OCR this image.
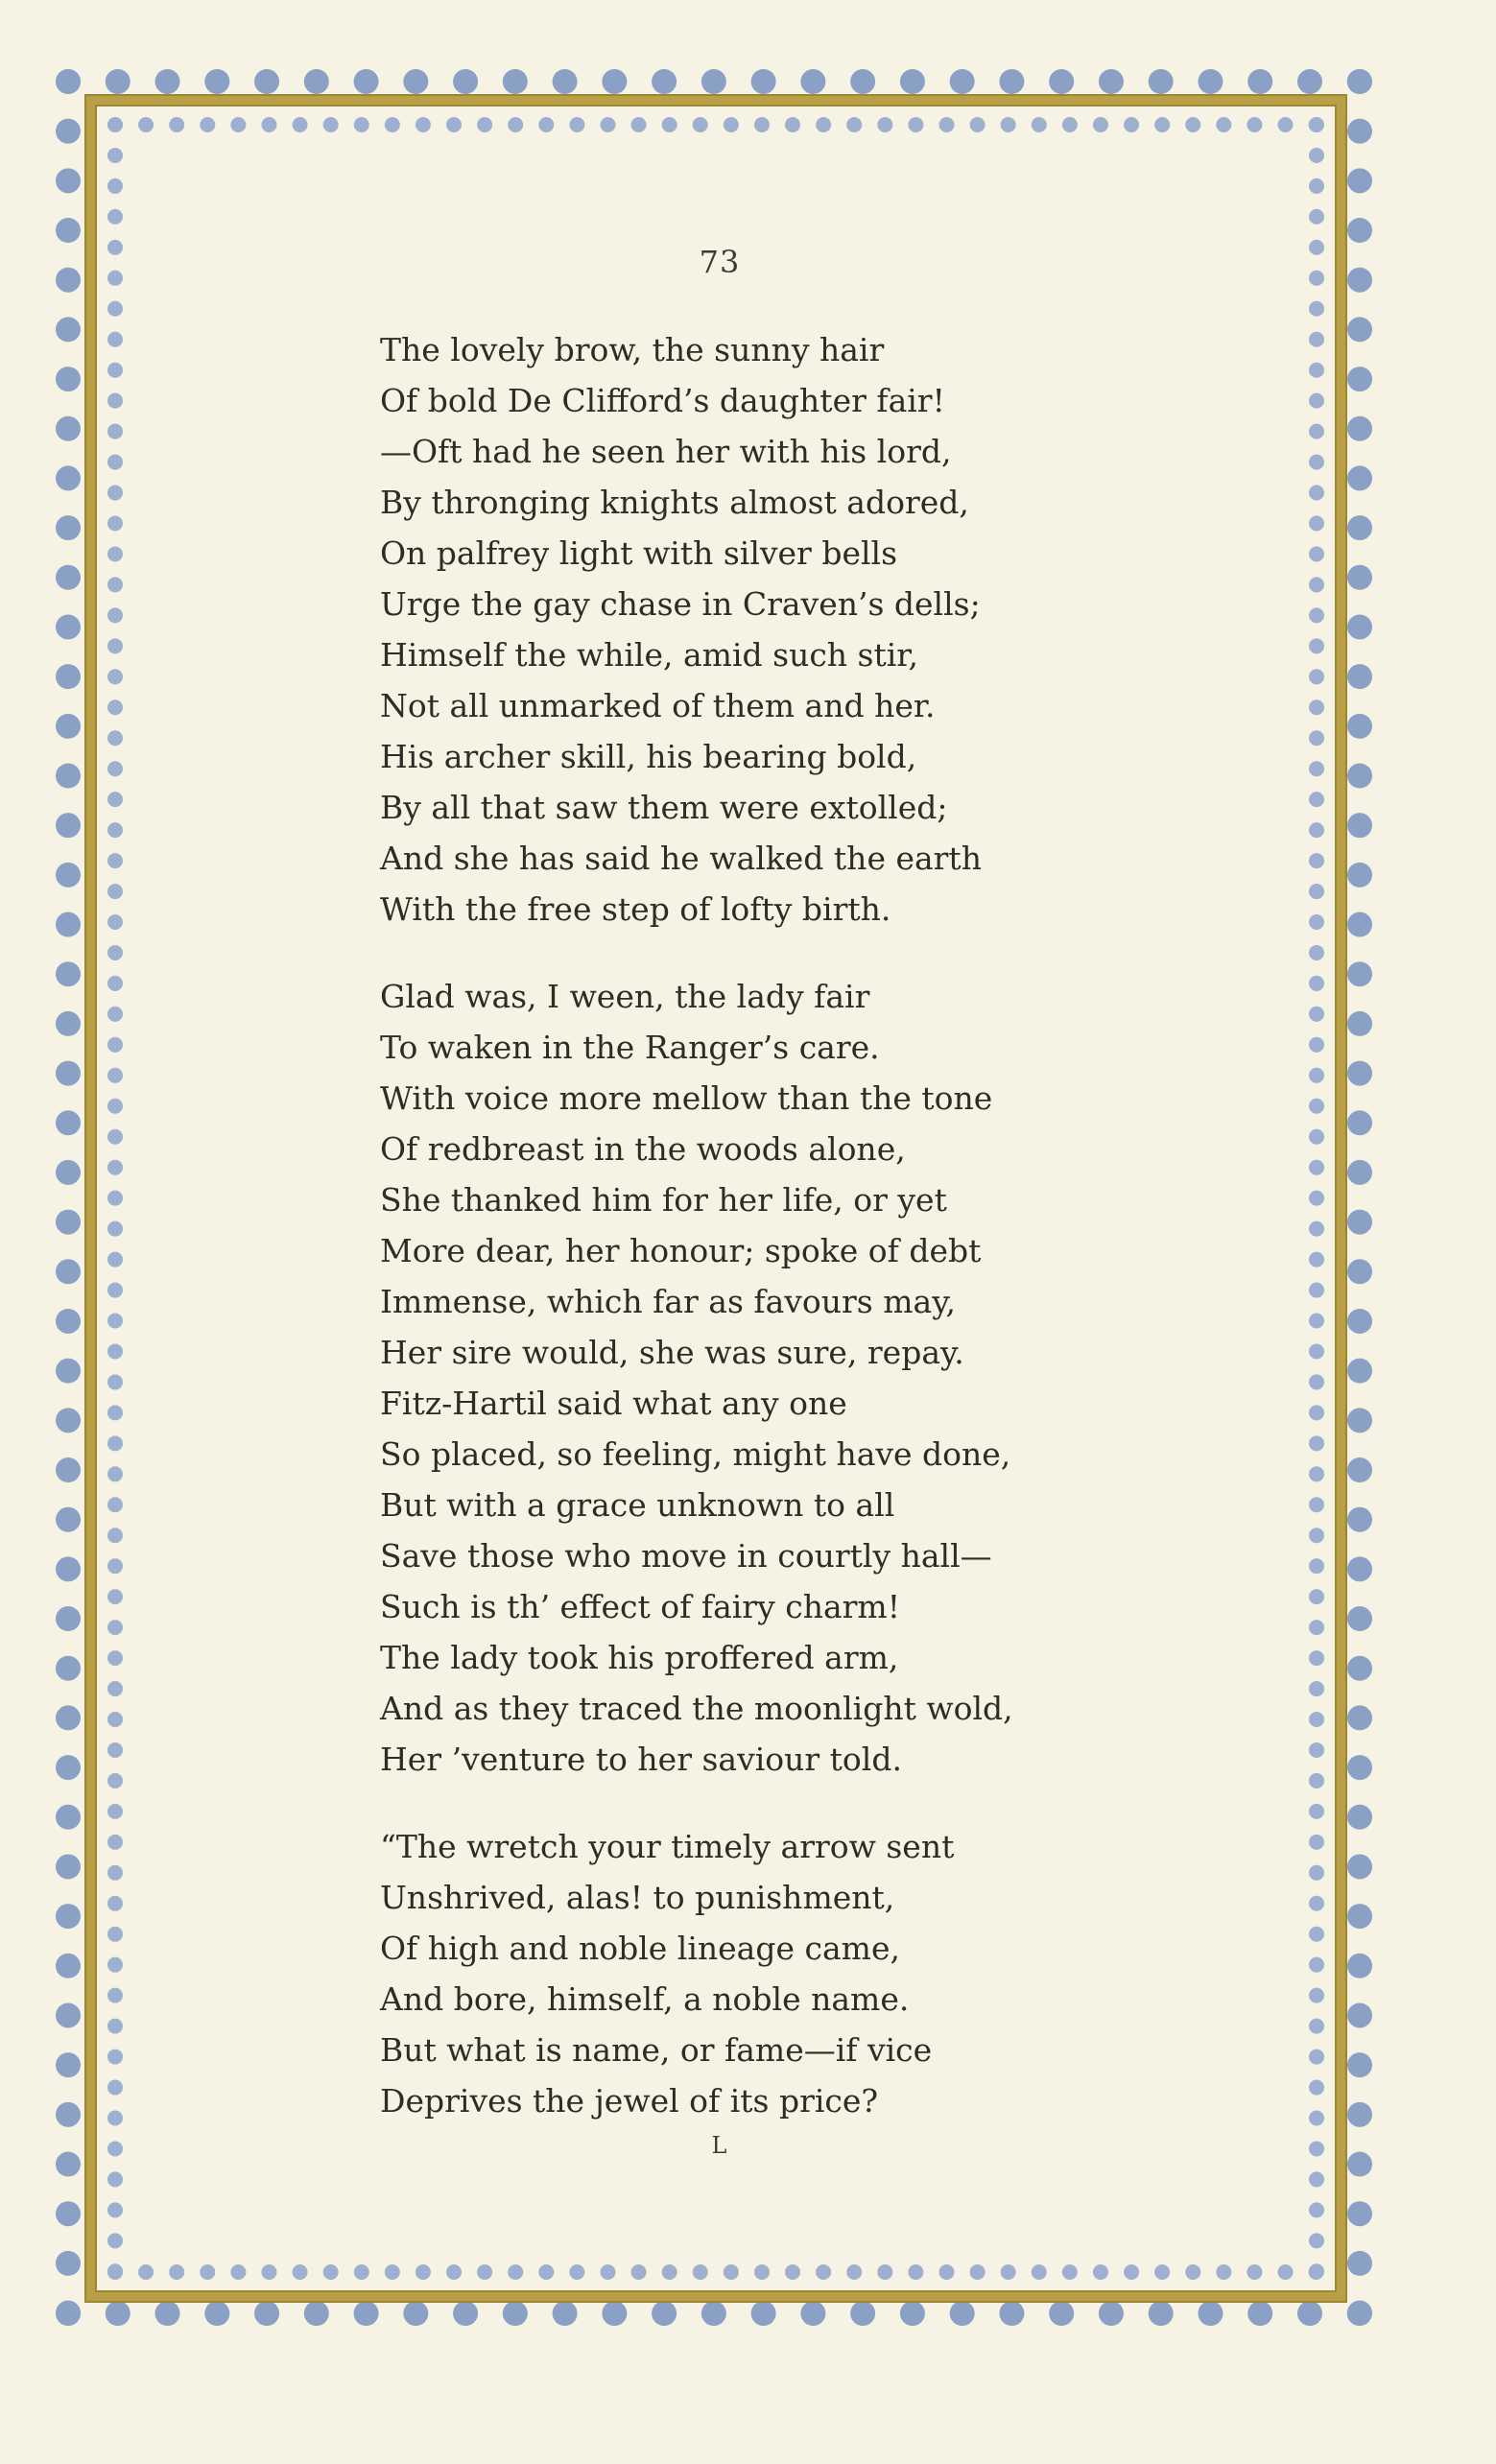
73
The lovely brow, the sunny hair
Of bold De Clifford’s daughter fair!
—Oft had he seen her with his lord,
By thronging knights almost adored,
On palfrey light with silver bells
Urge the gay chase in Craven’s dells;
Himself the while, amid such stir,
Not all unmarked of them and her.
His archer skill, his bearing bold,
By all that saw them were extolled;
And she has said he walked the earth
With the free step of lofty birth.
Glad was, I ween, the lady fair
To waken in the Ranger’s care.
With voice more mellow than the tone
Of redbreast in the woods alone,
She thanked him for her life, or yet
More dear, her honour; spoke of debt
Immense, which far as favours may,
Her sire would, she was sure, repay.
Fitz-Hartil said what any one
So placed, so feeling, might have done,
But with a grace unknown to all
Save those who move in courtly hall—
Such is th’ effect of fairy charm!
The lady took his proffered arm,
And as they traced the moonlight wold,
Her ’venture to her saviour told.
“The wretch your timely arrow sent
Unshrived, alas! to punishment,
Of high and noble lineage came,
And bore, himself, a noble name.
But what is name, or fame—if vice
Deprives the jewel of its price?
L
